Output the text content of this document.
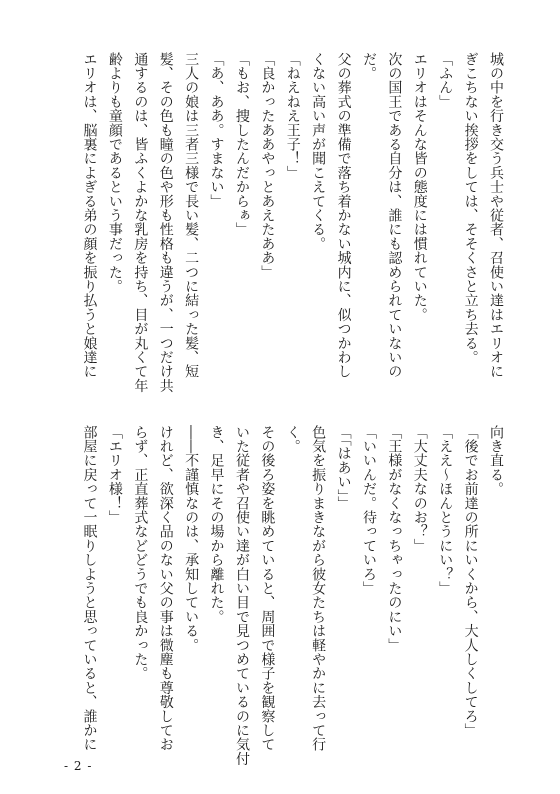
城の中を行き交う兵士や従者、召使い達はエリオに

ぎこちない挨拶をしては、そそくさと立ち去る。

「ふん」

エリオはそんな皆の態度には慣れていた。

次の国王である自分は、誰にも認められていないの

だ。

父の葬式の準備で落ち着かない城内に、似つかわし

くない高い声が聞こえてくる。

「ねえねえ王子！」

「良かったああやっとあえたああ」

「もお、捜したんだからぁ」

「あ、ああ。すまない」

三人の娘は三者三様で長い髪、二つに結った髪、短

髪、その色も瞳の色や形も性格も違うが、一つだけ共

通するのは、皆ふくよかな乳房を持ち、目が丸くて年

齢よりも童顔であるという事だった。

エリオは、脳裏によぎる弟の顔を振り払うと娘達に

向き直る。

「後でお前達の所にいくから、大人しくしてろ」

「ええ～ほんとうにい？」

「大丈夫なのお？」

「王様がなくなっちゃったのにい」

「いいんだ。待っていろ」

「「はあい」」

色気を振りまきながら彼女たちは軽やかに去って行

く。

その後ろ姿を眺めていると、周囲で様子を観察して

いた従者や召使い達が白い目で見つめているのに気付

き、足早にその場から離れた。

――不謹慎なのは、承知している。

けれど、欲深く品のない父の事は微塵も尊敬してお

らず、正直葬式などどうでも良かった。

「エリオ様！」

部屋に戻って一眠りしようと思っていると、誰かに

- 2 -
